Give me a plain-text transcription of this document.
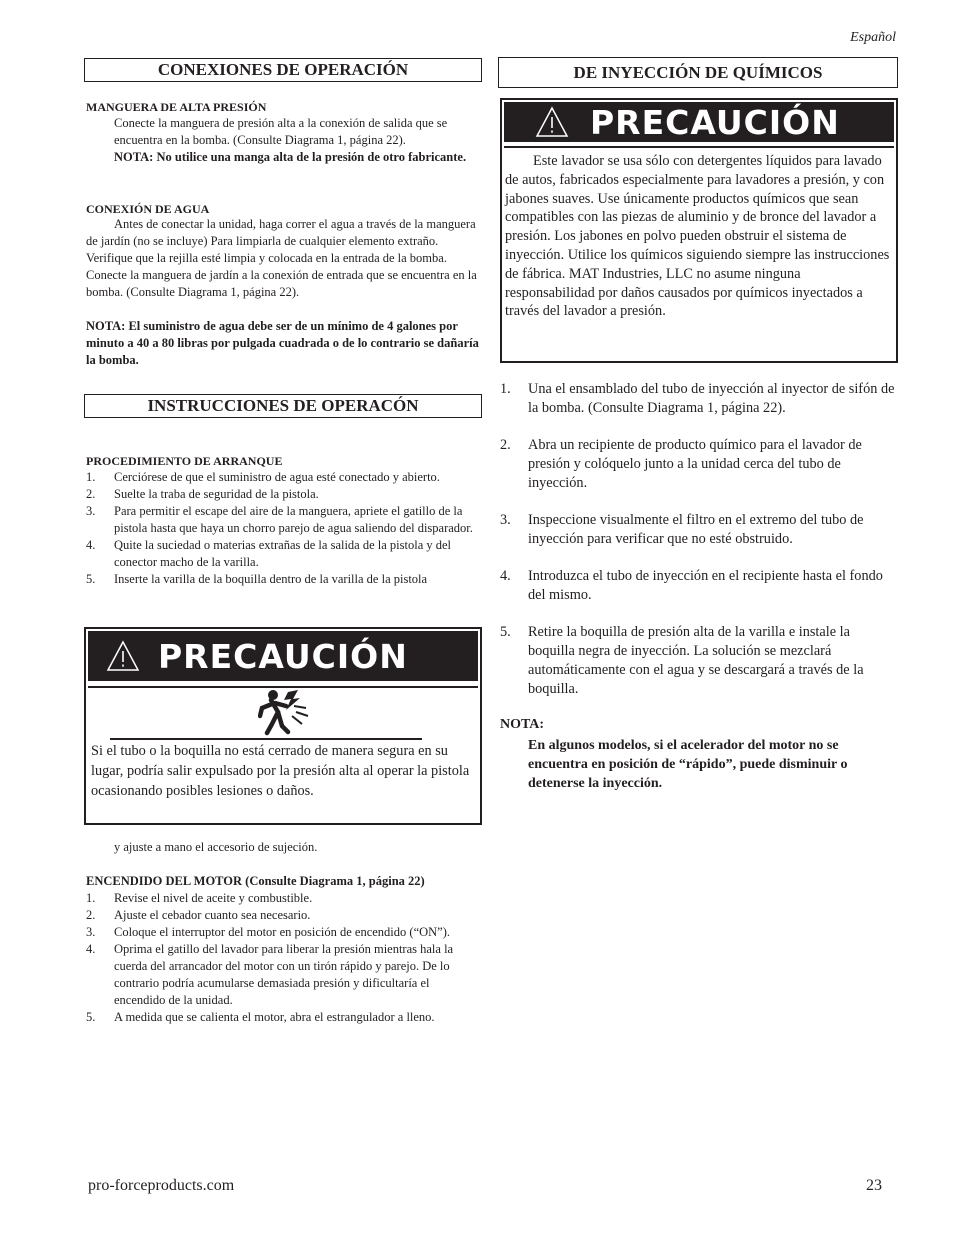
Español
CONEXIONES DE OPERACIÓN
MANGUERA DE ALTA PRESIÓN
Conecte la manguera de presión alta a la conexión de salida que se encuentra en la bomba. (Consulte Diagrama 1, página 22).
NOTA: No utilice una manga alta de la presión de otro fabricante.
CONEXIÓN DE AGUA
Antes de conectar la unidad, haga correr el agua a través de la manguera de jardín (no se incluye) Para limpiarla de cualquier elemento extraño. Verifique que la rejilla esté limpia y colocada en la entrada de la bomba. Conecte la manguera de jardín a la conexión de entrada que se encuentra en la bomba. (Consulte Diagrama 1, página 22).
NOTA: El suministro de agua debe ser de un mínimo de 4 galones por minuto a 40 a 80 libras por pulgada cuadrada o de lo contrario se dañaría la bomba.
INSTRUCCIONES DE OPERACÓN
PROCEDIMIENTO DE ARRANQUE
1. Cerciórese de que el suministro de agua esté conectado y abierto.
2. Suelte la traba de seguridad de la pistola.
3. Para permitir el escape del aire de la manguera, apriete el gatillo de la pistola hasta que haya un chorro parejo de agua saliendo del disparador.
4. Quite la suciedad o materias extrañas de la salida de la pistola y del conector macho de la varilla.
5. Inserte la varilla de la boquilla dentro de la varilla de la pistola
PRECAUCIÓN
Si el tubo o la boquilla no está cerrado de manera segura en su lugar, podría salir expulsado por la presión alta al operar la pistola ocasionando posibles lesiones o daños.
y ajuste a mano el accesorio de sujeción.
ENCENDIDO DEL MOTOR (Consulte Diagrama 1, página 22)
1. Revise el nivel de aceite y combustible.
2. Ajuste el cebador cuanto sea necesario.
3. Coloque el interruptor del motor en posición de encendido (“ON”).
4. Oprima el gatillo del lavador para liberar la presión mientras hala la cuerda del arrancador del motor con un tirón rápido y parejo. De lo contrario podría acumularse demasiada presión y dificultaría el encendido de la unidad.
5. A medida que se calienta el motor, abra el estrangulador a lleno.
DE INYECCIÓN DE QUÍMICOS
PRECAUCIÓN
Este lavador se usa sólo con detergentes líquidos para lavado de autos, fabricados especialmente para lavadores a presión, y con jabones suaves. Use únicamente productos químicos que sean compatibles con las piezas de aluminio y de bronce del lavador a presión. Los jabones en polvo pueden obstruir el sistema de inyección. Utilice los químicos siguiendo siempre las instrucciones de fábrica. MAT Industries, LLC no asume ninguna responsabilidad por daños causados por químicos inyectados a través del lavador a presión.
1. Una el ensamblado del tubo de inyección al inyector de sifón de la bomba. (Consulte Diagrama 1, página 22).
2. Abra un recipiente de producto químico para el lavador de presión y colóquelo junto a la unidad cerca del tubo de inyección.
3. Inspeccione visualmente el filtro en el extremo del tubo de inyección para verificar que no esté obstruido.
4. Introduzca el tubo de inyección en el recipiente hasta el fondo del mismo.
5. Retire la boquilla de presión alta de la varilla e instale la boquilla negra de inyección. La solución se mezclará automáticamente con el agua y se descargará a través de la boquilla.
NOTA:
En algunos modelos, si el acelerador del motor no se encuentra en posición de “rápido”, puede disminuir o detenerse la inyección.
pro-forceproducts.com	23
